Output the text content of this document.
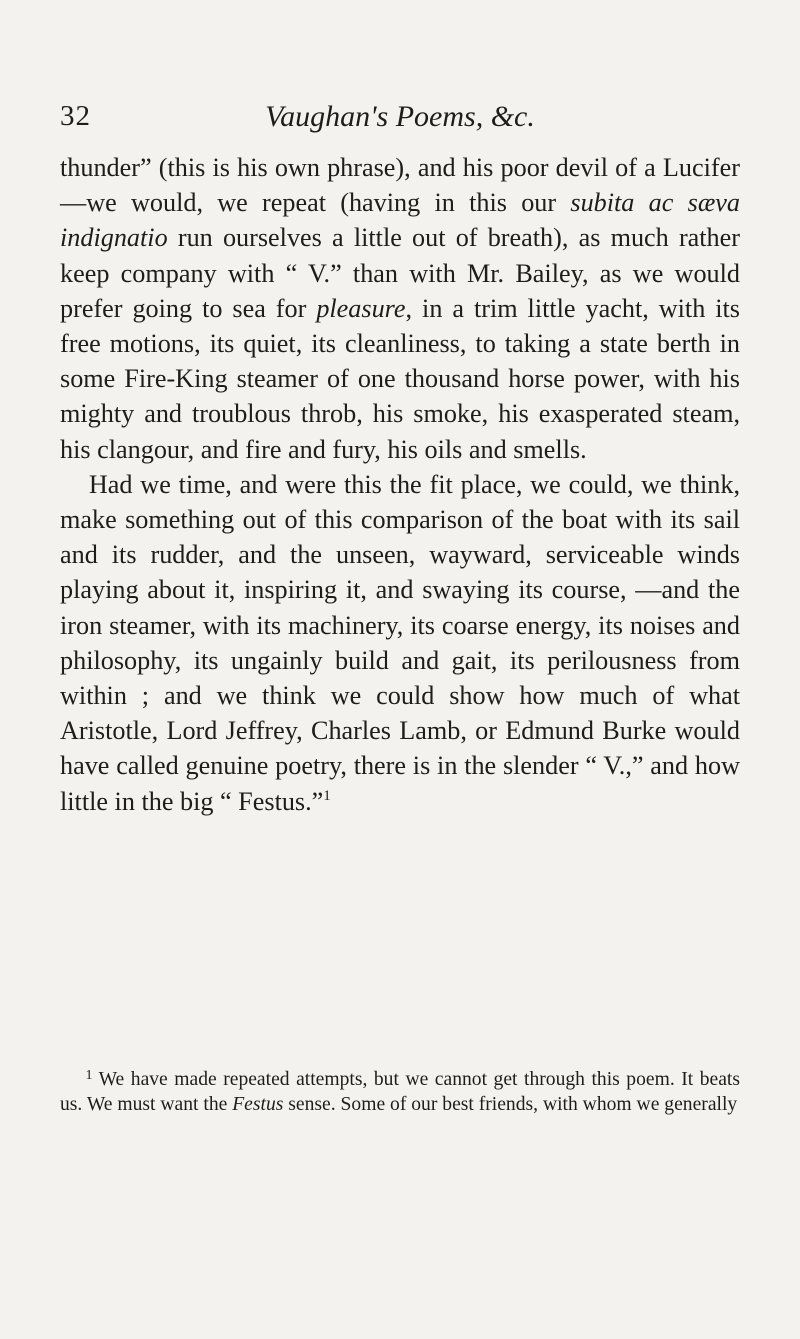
32	Vaughan's Poems, &c.

thunder” (this is his own phrase), and his poor devil of a Lucifer—we would, we repeat (having in this our subita ac sæva indignatio run ourselves a little out of breath), as much rather keep company with “ V.” than with Mr. Bailey, as we would prefer going to sea for pleasure, in a trim little yacht, with its free motions, its quiet, its cleanliness, to taking a state berth in some Fire-King steamer of one thousand horse power, with his mighty and troublous throb, his smoke, his exasperated steam, his clangour, and fire and fury, his oils and smells.

Had we time, and were this the fit place, we could, we think, make something out of this comparison of the boat with its sail and its rudder, and the unseen, wayward, serviceable winds playing about it, inspiring it, and swaying its course, —and the iron steamer, with its machinery, its coarse energy, its noises and philosophy, its ungainly build and gait, its perilousness from within ; and we think we could show how much of what Aristotle, Lord Jeffrey, Charles Lamb, or Edmund Burke would have called genuine poetry, there is in the slender “ V.,” and how little in the big “ Festus.”$^1$

$^1$ We have made repeated attempts, but we cannot get through this poem. It beats us. We must want the Festus sense. Some of our best friends, with whom we generally
